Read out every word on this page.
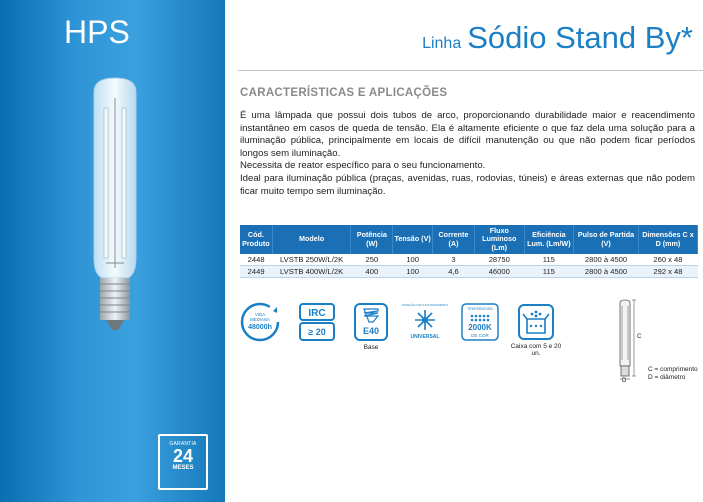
HPS
GARANTIA
24
MESES
Linha Sódio Stand By*
CARACTERÍSTICAS E APLICAÇÕES

É uma lâmpada que possui dois tubos de arco, proporcionando durabilidade maior e reacendimento instantâneo em casos de queda de tensão. Ela é altamente eficiente o que faz dela uma solução para a iluminação pública, principalmente em locais de difícil manutenção ou que não podem ficar períodos longos sem iluminação.

Necessita de reator específico para o seu funcionamento.

Ideal para iluminação pública (praças, avenidas, ruas, rodovias, túneis) e áreas externas que não podem ficar muito tempo sem iluminação.

Cód. Produto	Modelo	Potência (W)	Tensão (V)	Corrente (A)	Fluxo Luminoso (Lm)	Eficiência Lum. (Lm/W)	Pulso de Partida (V)	Dimensões C x D (mm)
2448	LVSTB 250W/L/2K	250	100	3	28750	115	2800 à 4500	260 x 48
2449	LVSTB 400W/L/2K	400	100	4,6	46000	115	2800 à 4500	292 x 48
VIDA
MEDIANA
48000h
IRC
≥ 20	E40
Base
POSIÇÃO DE FUNCIONAMENTO
UNIVERSAL
TEMPERATURA
2000K
DE COR
Caixa com 5 e 20 un.
C
D
C = comprimento
D = diâmetro
